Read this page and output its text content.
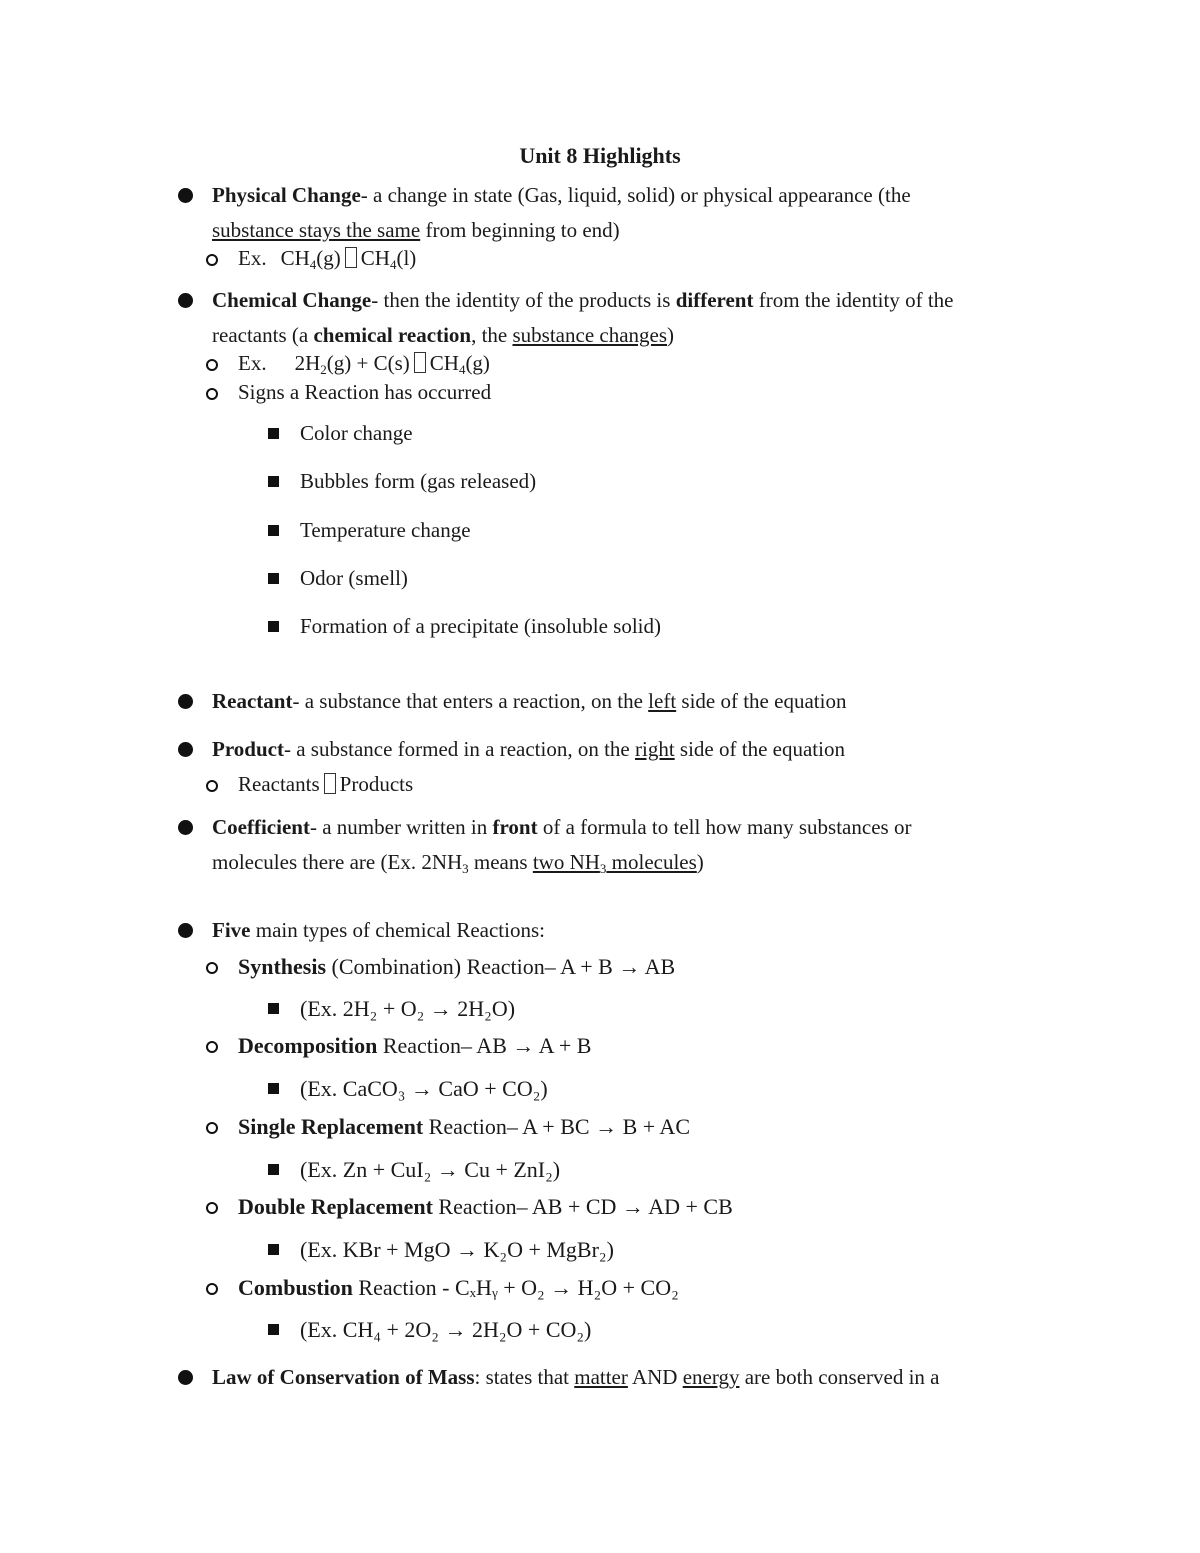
Unit 8 Highlights
Physical Change- a change in state (Gas, liquid, solid) or physical appearance (the
substance stays the same from beginning to end)
Ex. $CH_4(g)$ $CH_4(l)$
Chemical Change- then the identity of the products is different from the identity of the
reactants (a chemical reaction, the substance changes)
Ex. $2H_2(g) + C(s)$ $CH_4(g)$
Signs a Reaction has occurred
Color change
Bubbles form (gas released)
Temperature change
Odor (smell)
Formation of a precipitate (insoluble solid)
Reactant- a substance that enters a reaction, on the left side of the equation
Product- a substance formed in a reaction, on the right side of the equation
Reactants Products
Coefficient- a number written in front of a formula to tell how many substances or
molecules there are (Ex. $2NH_3$ means two $NH_3$ molecules)
Five main types of chemical Reactions:
Synthesis (Combination) Reaction– A + B → AB
(Ex. 2H₂ + O₂ → 2H₂O)
Decomposition Reaction– AB → A + B
(Ex. CaCO₃ → CaO + CO₂)
Single Replacement Reaction– A + BC → B + AC
(Ex. Zn + CuI₂ → Cu + ZnI₂)
Double Replacement Reaction– AB + CD → AD + CB
(Ex. KBr + MgO → K₂O + MgBr₂)
Combustion Reaction - CₓHᵧ + O₂ → H₂O + CO₂
(Ex. CH₄ + 2O₂ → 2H₂O + CO₂)
Law of Conservation of Mass: states that matter AND energy are both conserved in a
